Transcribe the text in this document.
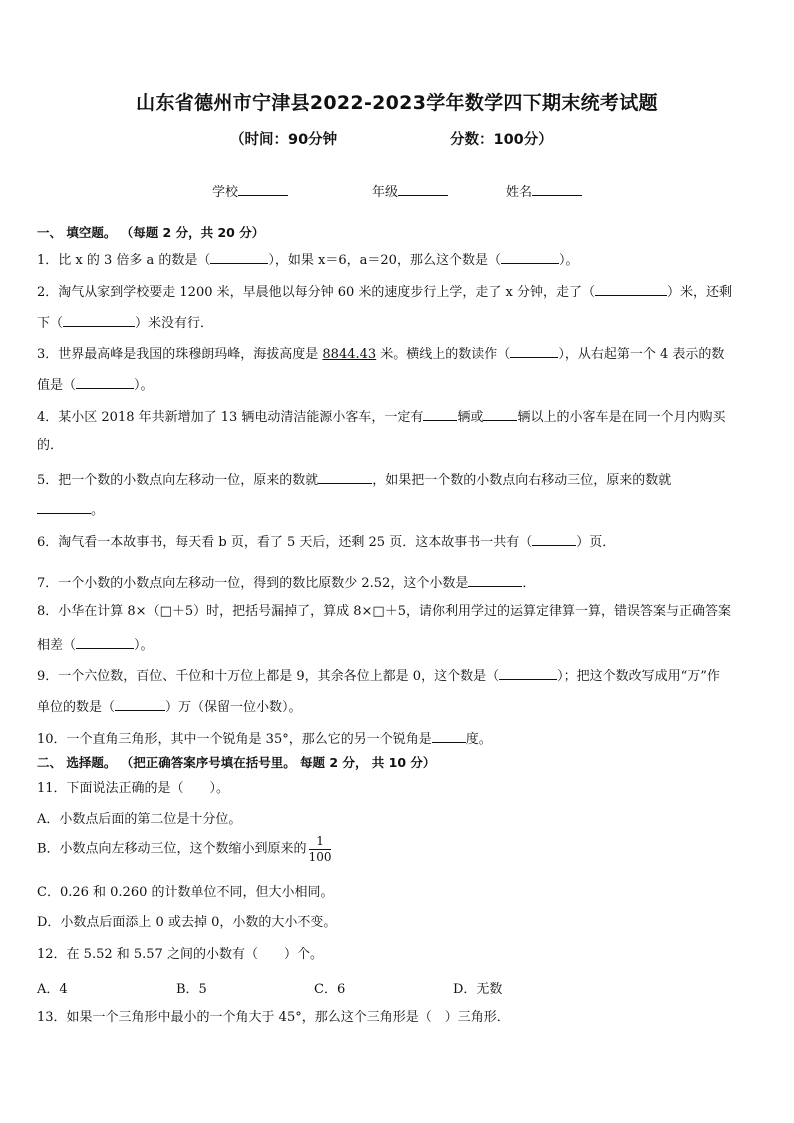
山东省德州市宁津县2022-2023学年数学四下期末统考试题
（时间：90分钟	分数：100分）
学校	年级	姓名
一、 填空题。 （每题 2 分，共 20 分）
1．比 x 的 3 倍多 a 的数是（	），如果 x＝6，a＝20，那么这个数是（	）。
2．淘气从家到学校要走 1200 米，早晨他以每分钟 60 米的速度步行上学，走了 x 分钟，走了（	）米，还剩
下（	）米没有行．
3．世界最高峰是我国的珠穆朗玛峰，海拔高度是 8844.43 米。横线上的数读作（	），从右起第一个 4 表示的数
值是（	）。
4．某小区 2018 年共新增加了 13 辆电动清洁能源小客车，一定有	辆或	辆以上的小客车是在同一个月内购买
的．
5．把一个数的小数点向左移动一位，原来的数就	，如果把一个数的小数点向右移动三位，原来的数就
。
6．淘气看一本故事书，每天看 b 页，看了 5 天后，还剩 25 页．这本故事书一共有（	）页．
7．一个小数的小数点向左移动一位，得到的数比原数少 2.52，这个小数是	．
8．小华在计算 8×（□＋5）时，把括号漏掉了，算成 8×□＋5，请你利用学过的运算定律算一算，错误答案与正确答案
相差（	）。
9．一个六位数，百位、千位和十万位上都是 9，其余各位上都是 0，这个数是（	）；把这个数改写成用“万”作
单位的数是（	）万（保留一位小数）。
10．一个直角三角形，其中一个锐角是 35°，那么它的另一个锐角是	度。
二、 选择题。 （把正确答案序号填在括号里。 每题 2 分， 共 10 分）
11．下面说法正确的是（　　）。
A．小数点后面的第二位是十分位。
B．小数点向左移动三位，这个数缩小到原来的 $\frac{1}{100}$
C．0.26 和 0.260 的计数单位不同，但大小相同。
D．小数点后面添上 0 或去掉 0，小数的大小不变。
12．在 5.52 和 5.57 之间的小数有（　　）个。
A．4	B．5	C．6	D．无数
13．如果一个三角形中最小的一个角大于 45°，那么这个三角形是（　）三角形．
